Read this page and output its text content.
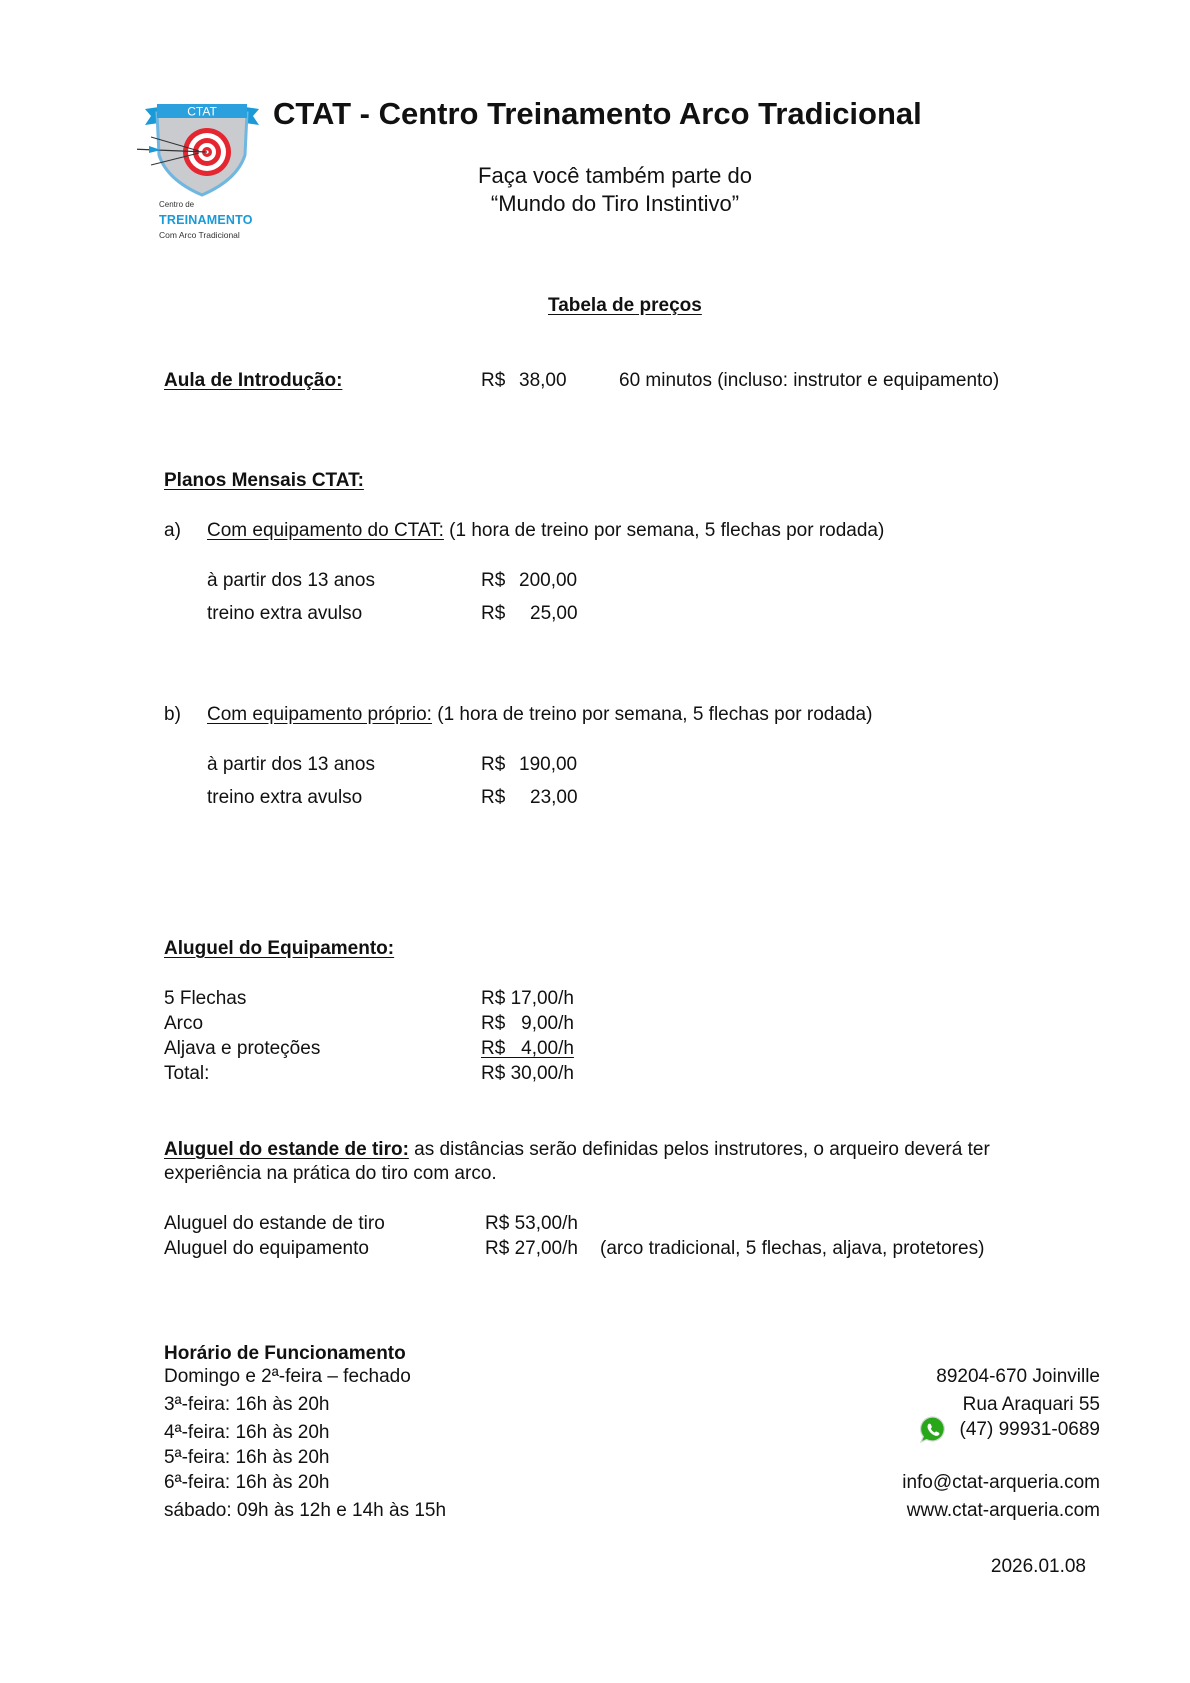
CTAT
Centro de
TREINAMENTO
Com Arco Tradicional
CTAT - Centro Treinamento Arco Tradicional
Faça você também parte do
“Mundo do Tiro Instintivo”
Tabela de preços
Aula de Introdução:	R$ 38,00	60 minutos (incluso: instrutor e equipamento)
Planos Mensais CTAT:
a) Com equipamento do CTAT: (1 hora de treino por semana, 5 flechas por rodada)
à partir dos 13 anos	R$ 200,00
treino extra avulso	R$ 25,00
b) Com equipamento próprio: (1 hora de treino por semana, 5 flechas por rodada)
à partir dos 13 anos	R$ 190,00
treino extra avulso	R$ 23,00
Aluguel do Equipamento:
5 Flechas	R$ 17,00/h
Arco	R$   9,00/h
Aljava e proteções	R$   4,00/h
Total:	R$ 30,00/h
Aluguel do estande de tiro: as distâncias serão definidas pelos instrutores, o arqueiro deverá ter
experiência na prática do tiro com arco.
Aluguel do estande de tiro	R$ 53,00/h
Aluguel do equipamento	R$ 27,00/h (arco tradicional, 5 flechas, aljava, protetores)
Horário de Funcionamento
Domingo e 2ª-feira – fechado
3ª-feira: 16h às 20h
4ª-feira: 16h às 20h
5ª-feira: 16h às 20h
6ª-feira: 16h às 20h
sábado: 09h às 12h e 14h às 15h
89204-670 Joinville
Rua Araquari 55
(47) 99931-0689
info@ctat-arqueria.com
www.ctat-arqueria.com
2026.01.08
